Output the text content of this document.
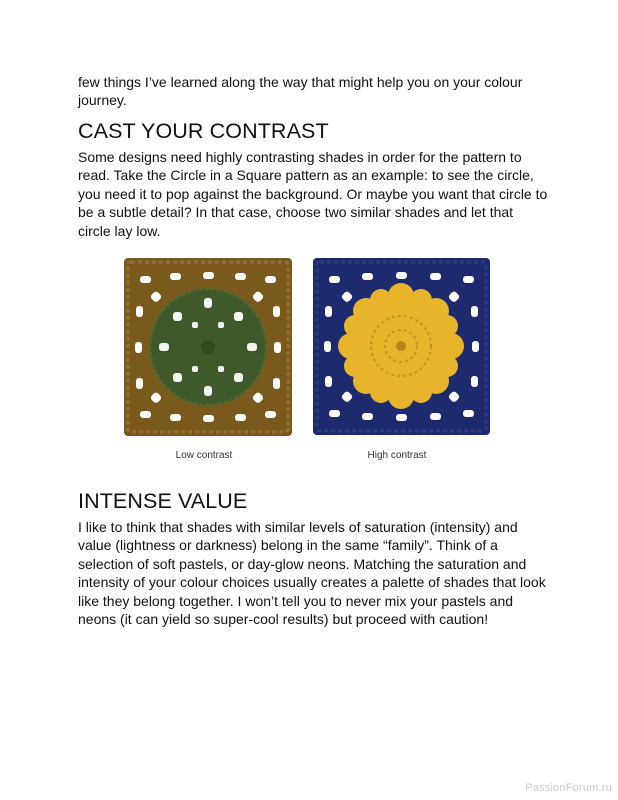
few things I’ve learned along the way that might help you on your colour journey.

CAST YOUR CONTRAST

Some designs need highly contrasting shades in order for the pattern to read. Take the Circle in a Square pattern as an example: to see the circle, you need it to pop against the background. Or maybe you want that circle to be a subtle detail? In that case, choose two similar shades and let that circle lay low.

Low contrast	High contrast
INTENSE VALUE

I like to think that shades with similar levels of saturation (intensity) and value (lightness or darkness) belong in the same “family”. Think of a selection of soft pastels, or day-glow neons. Matching the saturation and intensity of your colour choices usually creates a palette of shades that look like they belong together. I won’t tell you to never mix your pastels and neons (it can yield so super-cool results) but proceed with caution!

PassionForum.ru
